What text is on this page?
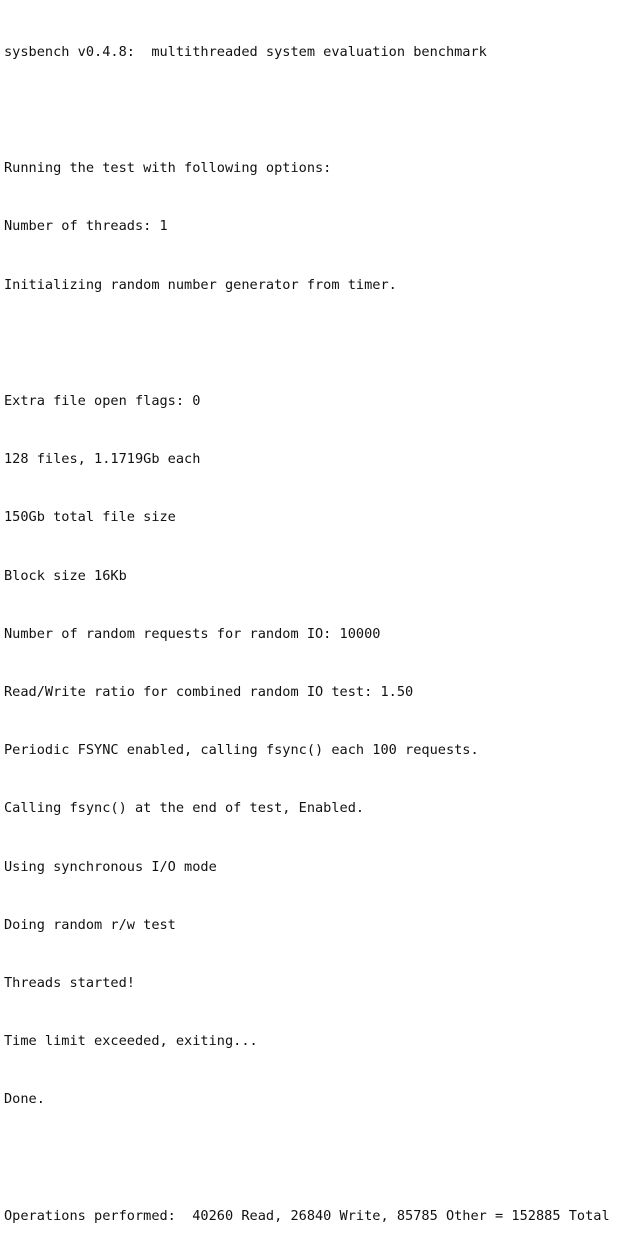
sysbench v0.4.8:  multithreaded system evaluation benchmark

Running the test with following options:

Number of threads: 1

Initializing random number generator from timer.

Extra file open flags: 0

128 files, 1.1719Gb each

150Gb total file size

Block size 16Kb

Number of random requests for random IO: 10000

Read/Write ratio for combined random IO test: 1.50

Periodic FSYNC enabled, calling fsync() each 100 requests.

Calling fsync() at the end of test, Enabled.

Using synchronous I/O mode

Doing random r/w test

Threads started!

Time limit exceeded, exiting...

Done.

Operations performed:  40260 Read, 26840 Write, 85785 Other = 152885 Total
